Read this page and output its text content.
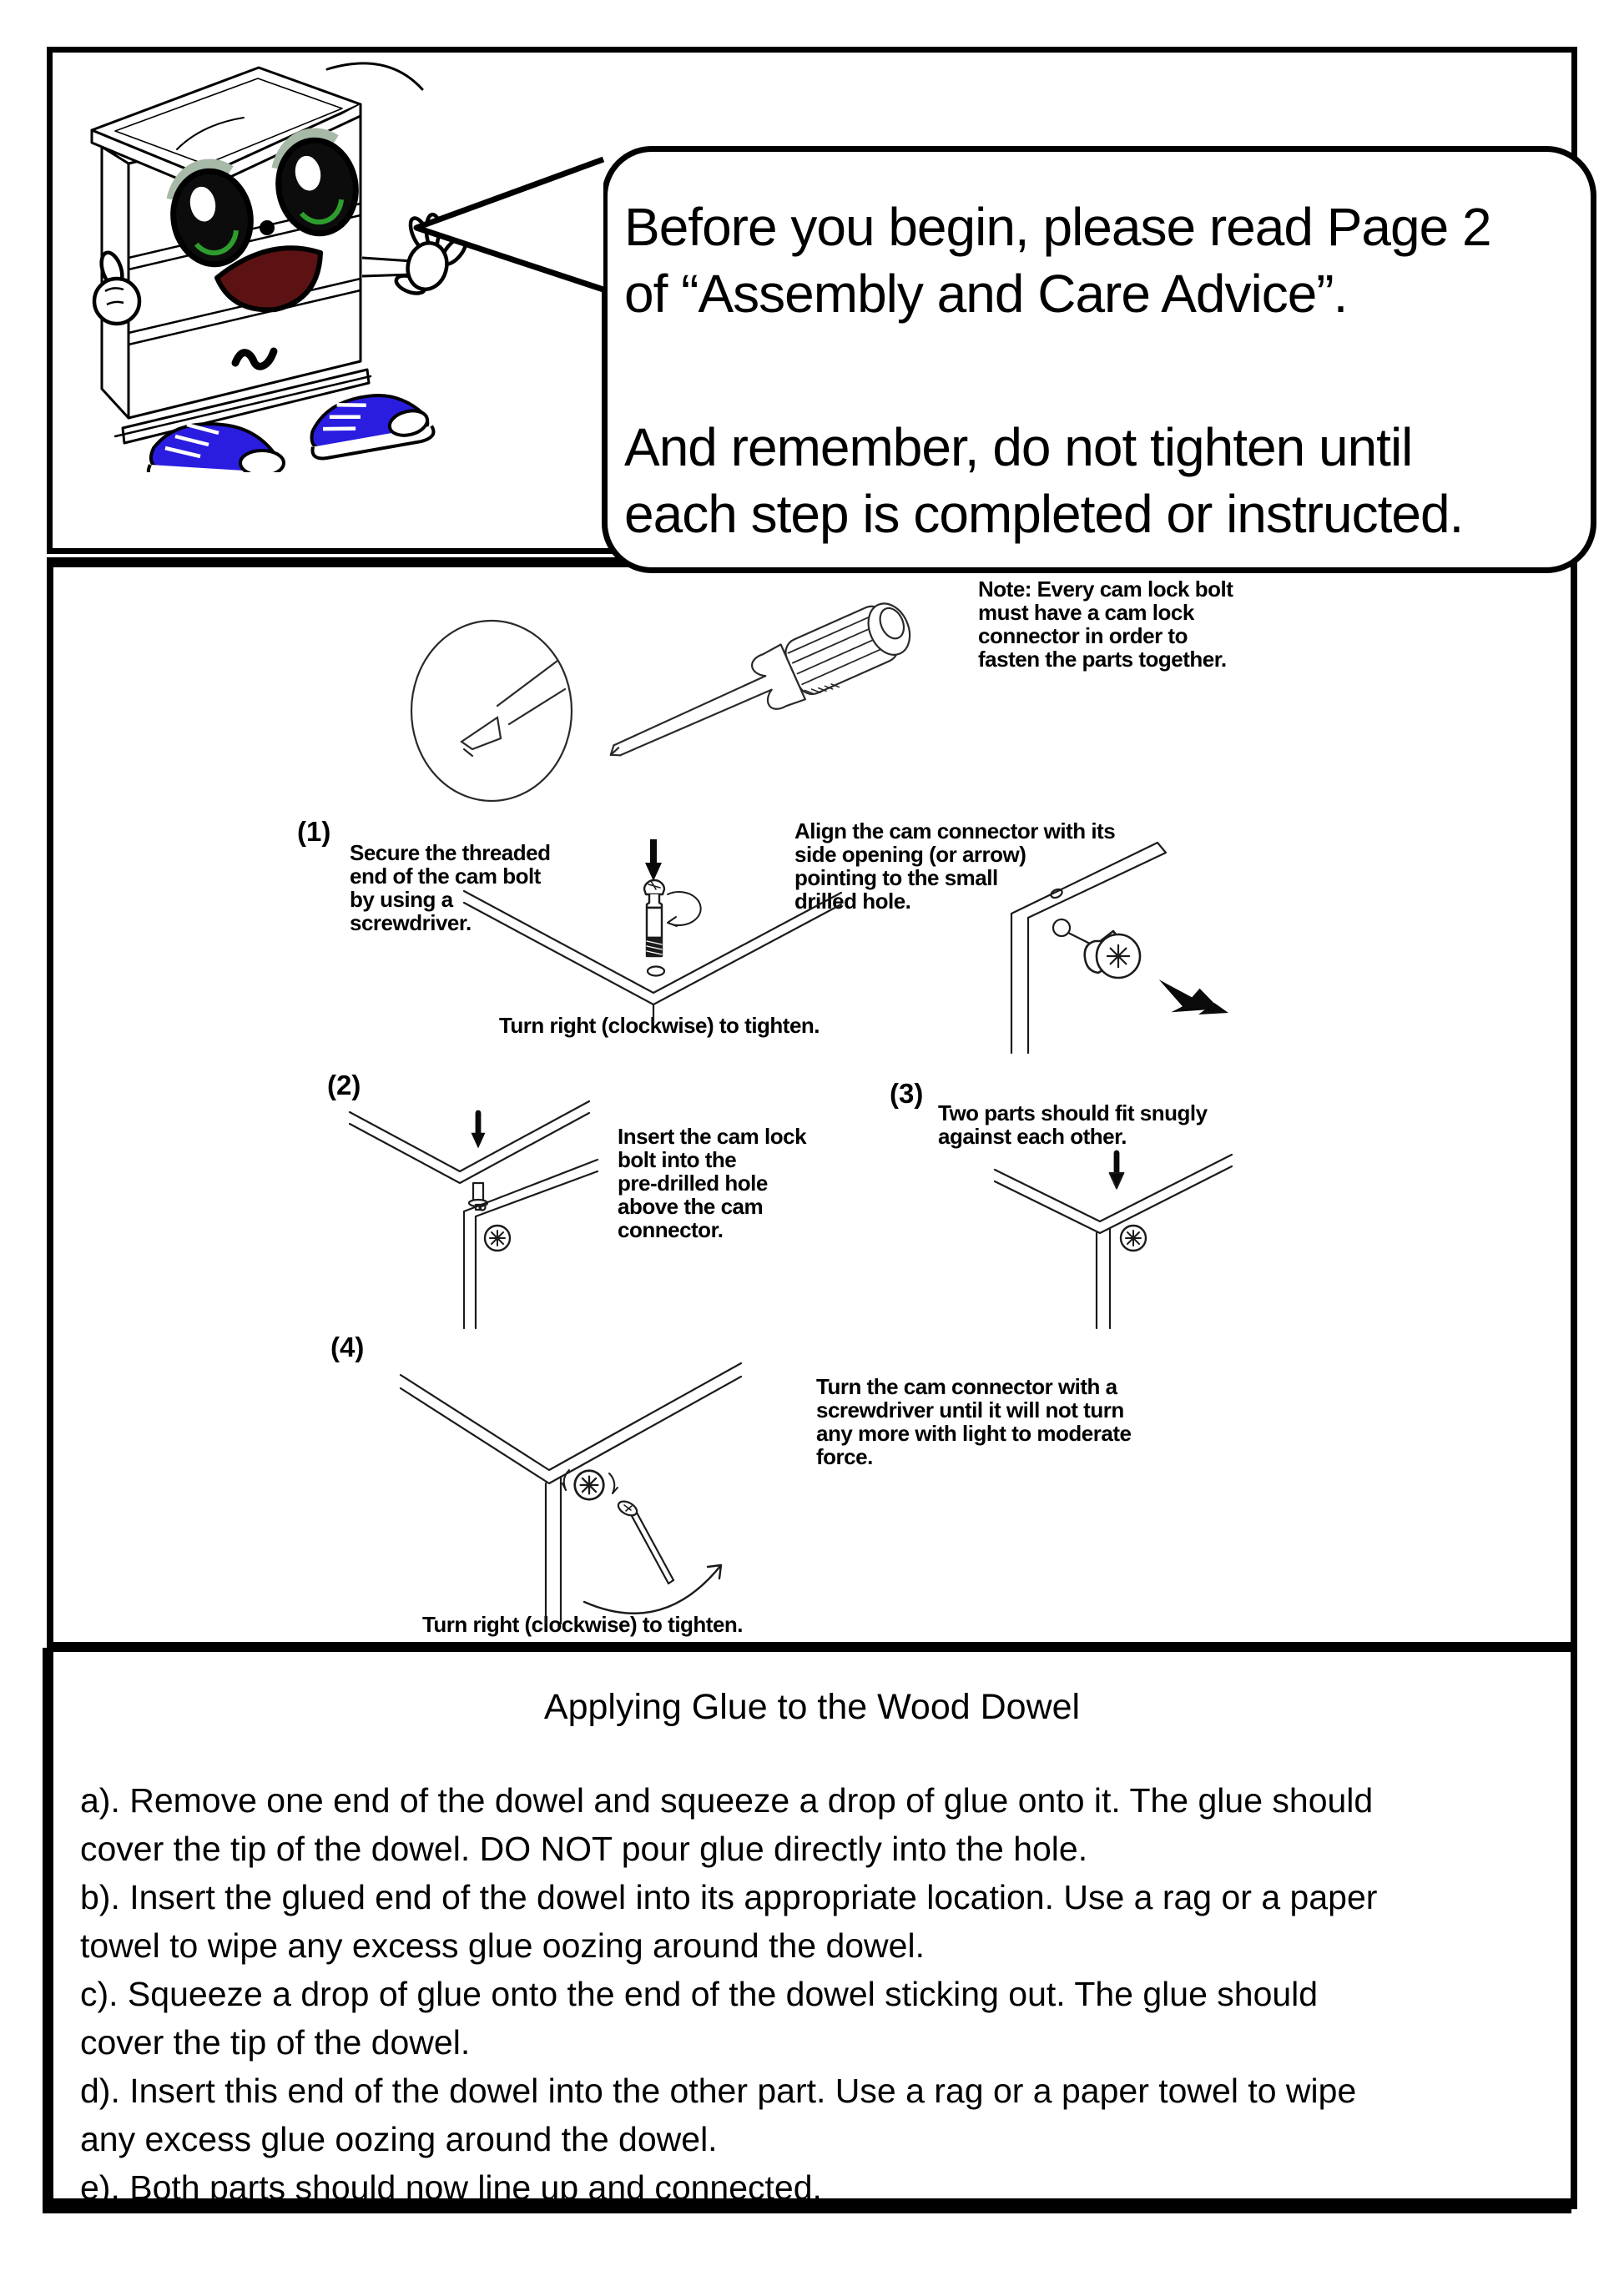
Before you begin, please read Page 2
of “Assembly and Care Advice”.
And remember, do not tighten until
each step is completed or instructed.
Note: Every cam lock bolt
must have a cam lock
connector in order to
fasten the parts together.
(1)
Secure the threaded
end of the cam bolt
by using a
screwdriver.
Turn right (clockwise) to tighten.
Align the cam connector with its
side opening (or arrow)
pointing to the small
drilled hole.
(2)
Insert the cam lock
bolt into the
pre-drilled hole
above the cam
connector.
(3)
Two parts should fit snugly
against each other.
(4)
Turn the cam connector with a
screwdriver until it will not turn
any more with light to moderate
force.
Turn right (clockwise) to tighten.
Applying Glue to the Wood Dowel
a). Remove one end of the dowel and squeeze a drop of glue onto it. The glue should
cover the tip of the dowel. DO NOT pour glue directly into the hole.
b). Insert the glued end of the dowel into its appropriate location. Use a rag or a paper
towel to wipe any excess glue oozing around the dowel.
c). Squeeze a drop of glue onto the end of the dowel sticking out. The glue should
cover the tip of the dowel.
d). Insert this end of the dowel into the other part. Use a rag or a paper towel to wipe
any excess glue oozing around the dowel.
e). Both parts should now line up and connected.
